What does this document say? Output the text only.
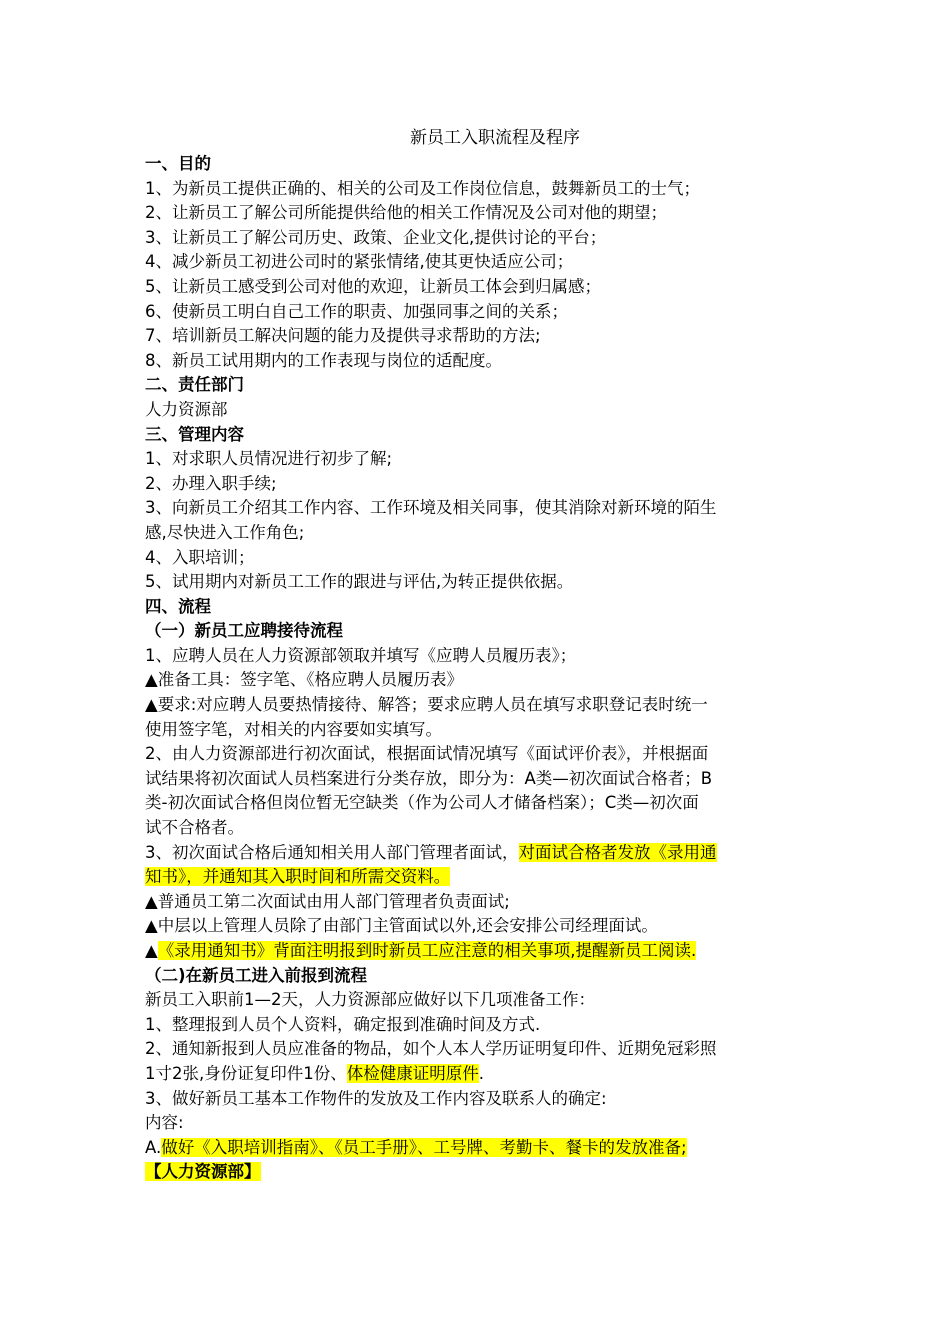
新员工入职流程及程序
一、目的
1、为新员工提供正确的、相关的公司及工作岗位信息，鼓舞新员工的士气；
2、让新员工了解公司所能提供给他的相关工作情况及公司对他的期望；
3、让新员工了解公司历史、政策、企业文化,提供讨论的平台；
4、减少新员工初进公司时的紧张情绪,使其更快适应公司；
5、让新员工感受到公司对他的欢迎，让新员工体会到归属感；
6、使新员工明白自己工作的职责、加强同事之间的关系；
7、培训新员工解决问题的能力及提供寻求帮助的方法;
8、新员工试用期内的工作表现与岗位的适配度。
二、责任部门
人力资源部
三、管理内容
1、对求职人员情况进行初步了解;
2、办理入职手续;
3、向新员工介绍其工作内容、工作环境及相关同事，使其消除对新环境的陌生
感,尽快进入工作角色;
4、入职培训；
5、试用期内对新员工工作的跟进与评估,为转正提供依据。
四、流程
（一）新员工应聘接待流程
1、应聘人员在人力资源部领取并填写《应聘人员履历表》；
▲准备工具：签字笔、《格应聘人员履历表》
▲要求:对应聘人员要热情接待、解答；要求应聘人员在填写求职登记表时统一
使用签字笔，对相关的内容要如实填写。
2、由人力资源部进行初次面试，根据面试情况填写《面试评价表》，并根据面
试结果将初次面试人员档案进行分类存放，即分为：A类—初次面试合格者；B
类-初次面试合格但岗位暂无空缺类（作为公司人才储备档案）；C类—初次面
试不合格者。
3、初次面试合格后通知相关用人部门管理者面试，对面试合格者发放《录用通
知书》，并通知其入职时间和所需交资料。
▲普通员工第二次面试由用人部门管理者负责面试;
▲中层以上管理人员除了由部门主管面试以外,还会安排公司经理面试。
▲《录用通知书》背面注明报到时新员工应注意的相关事项,提醒新员工阅读.
（二)在新员工进入前报到流程
新员工入职前1—2天，人力资源部应做好以下几项准备工作：
1、整理报到人员个人资料，确定报到准确时间及方式.
2、通知新报到人员应准备的物品，如个人本人学历证明复印件、近期免冠彩照
1寸2张,身份证复印件1份、体检健康证明原件.
3、做好新员工基本工作物件的发放及工作内容及联系人的确定:
内容:
A.做好《入职培训指南》、《员工手册》、工号牌、考勤卡、餐卡的发放准备;
【人力资源部】
